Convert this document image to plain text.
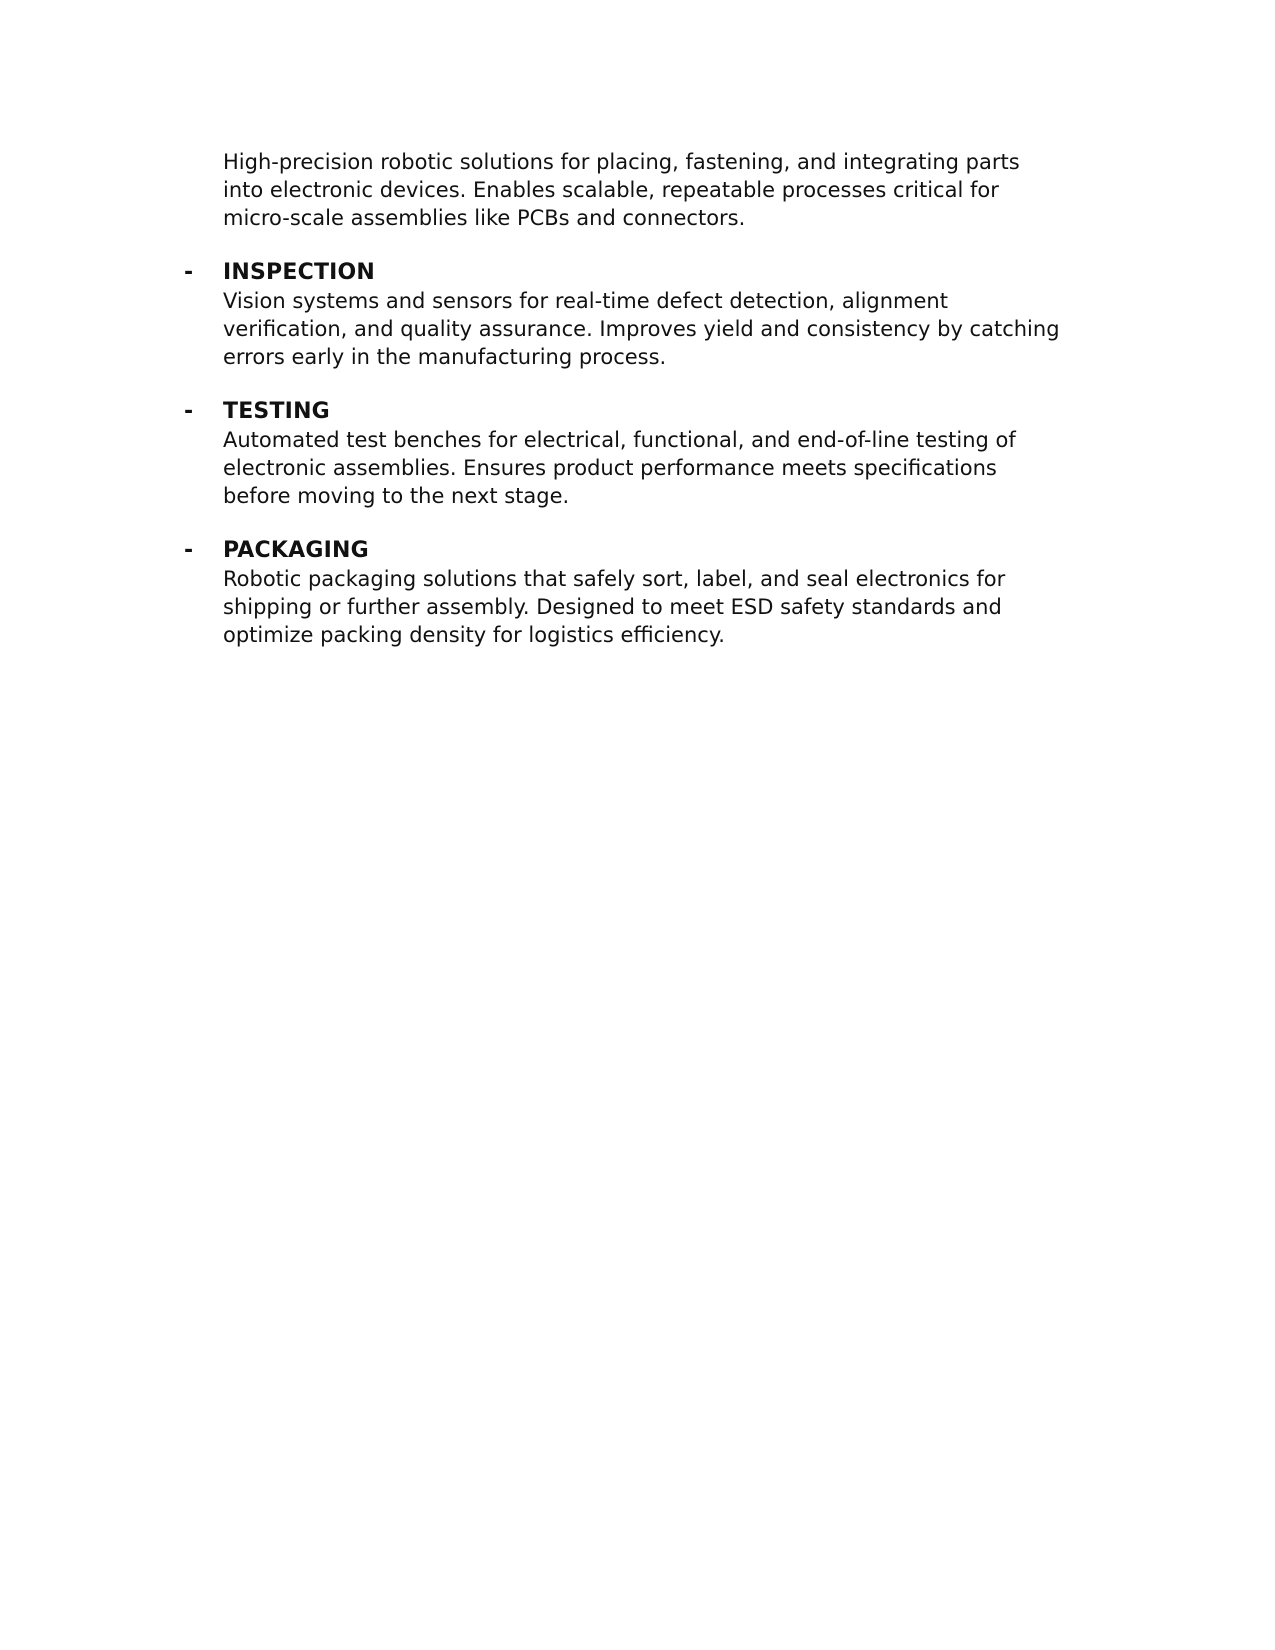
High-precision robotic solutions for placing, fastening, and integrating parts
into electronic devices. Enables scalable, repeatable processes critical for
micro-scale assemblies like PCBs and connectors.

- INSPECTION

Vision systems and sensors for real-time defect detection, alignment
verification, and quality assurance. Improves yield and consistency by catching
errors early in the manufacturing process.

- TESTING

Automated test benches for electrical, functional, and end-of-line testing of
electronic assemblies. Ensures product performance meets specifications
before moving to the next stage.

- PACKAGING

Robotic packaging solutions that safely sort, label, and seal electronics for
shipping or further assembly. Designed to meet ESD safety standards and
optimize packing density for logistics efficiency.
